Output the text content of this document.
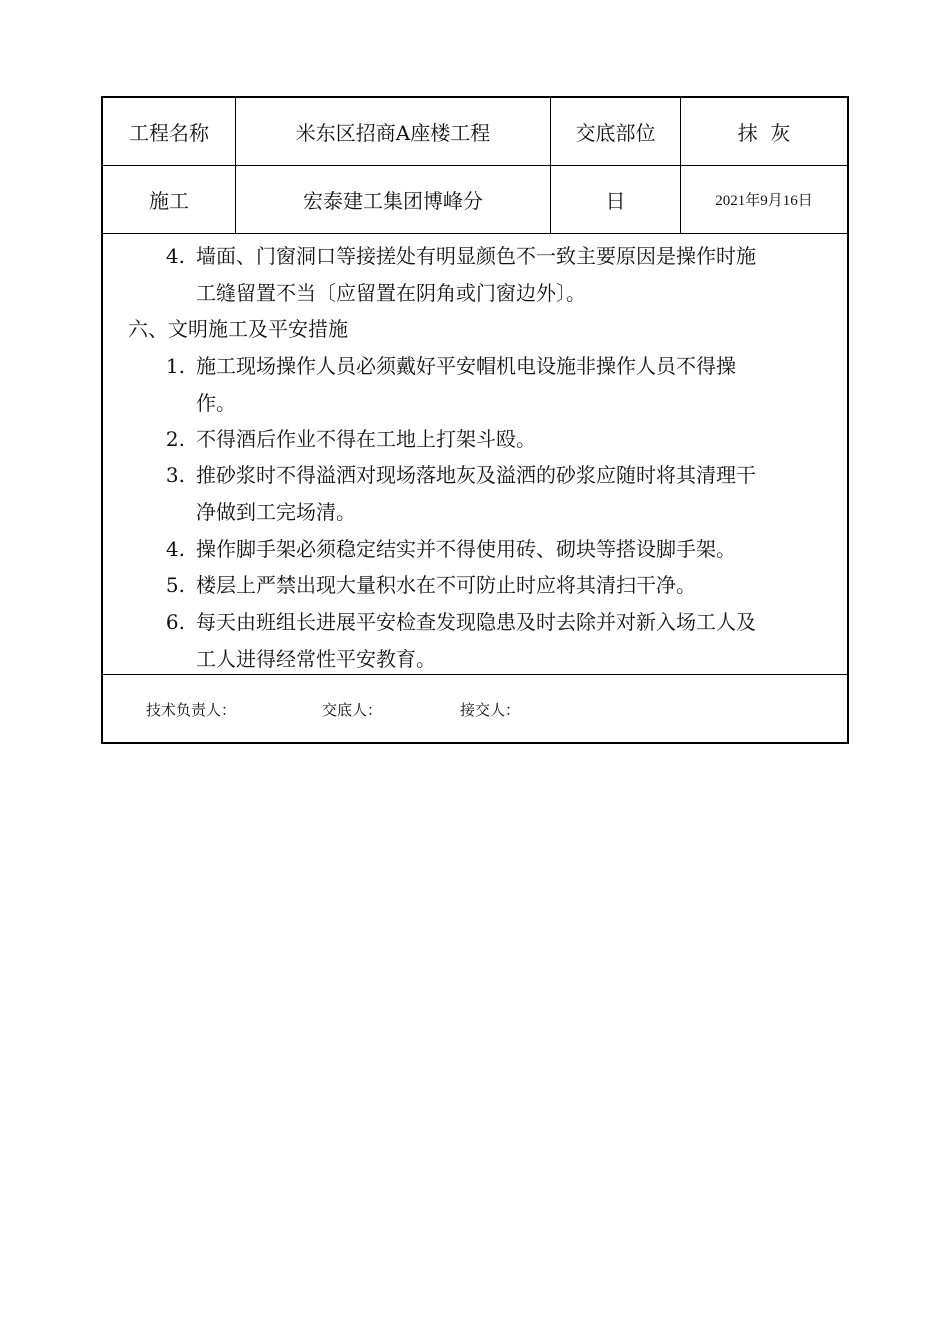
工程名称	米东区招商A座楼工程	交底部位	抹  灰
施工	宏泰建工集团博峰分	日	2021年9月16日
4. 墙面、门窗洞口等接搓处有明显颜色不一致主要原因是操作时施
工缝留置不当〔应留置在阴角或门窗边外〕。
六、文明施工及平安措施
1. 施工现场操作人员必须戴好平安帽机电设施非操作人员不得操
作。
2. 不得酒后作业不得在工地上打架斗殴。
3. 推砂浆时不得溢洒对现场落地灰及溢洒的砂浆应随时将其清理干
净做到工完场清。
4. 操作脚手架必须稳定结实并不得使用砖、砌块等搭设脚手架。
5. 楼层上严禁出现大量积水在不可防止时应将其清扫干净。
6. 每天由班组长进展平安检查发现隐患及时去除并对新入场工人及
工人进得经常性平安教育。
技术负责人：	交底人：	接交人：
